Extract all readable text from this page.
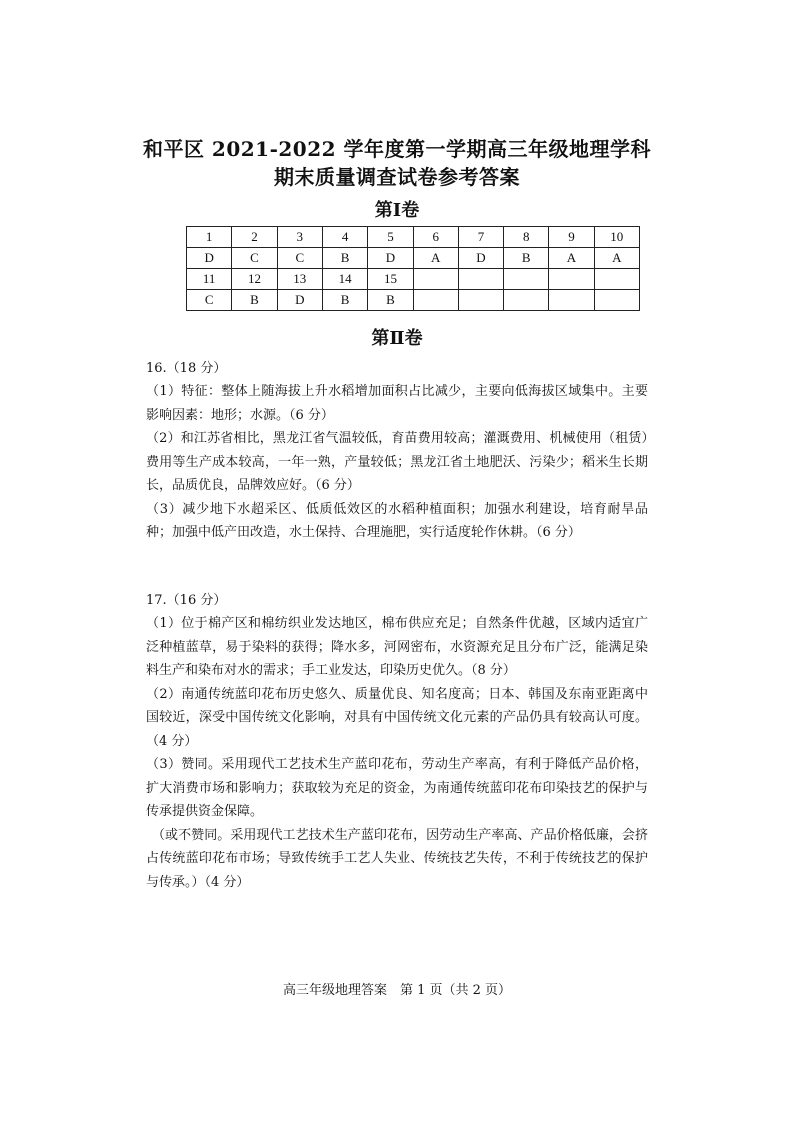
和平区 2021-2022 学年度第一学期高三年级地理学科
期末质量调查试卷参考答案
第Ⅰ卷
1	2	3	4	5	6	7	8	9	10
D	C	C	B	D	A	D	B	A	A
11	12	13	14	15					
C	B	D	B	B					
第Ⅱ卷
16.（18 分）

（1）特征：整体上随海拔上升水稻增加面积占比减少，主要向低海拔区域集中。主要影响因素：地形；水源。（6 分）

（2）和江苏省相比，黑龙江省气温较低，育苗费用较高；灌溉费用、机械使用（租赁）费用等生产成本较高，一年一熟，产量较低；黑龙江省土地肥沃、污染少；稻米生长期长，品质优良，品牌效应好。（6 分）

（3）减少地下水超采区、低质低效区的水稻种植面积；加强水利建设，培育耐旱品种；加强中低产田改造，水土保持、合理施肥，实行适度轮作休耕。（6 分）

17.（16 分）

（1）位于棉产区和棉纺织业发达地区，棉布供应充足；自然条件优越，区域内适宜广泛种植蓝草，易于染料的获得；降水多，河网密布，水资源充足且分布广泛，能满足染料生产和染布对水的需求；手工业发达，印染历史优久。（8 分）

（2）南通传统蓝印花布历史悠久、质量优良、知名度高；日本、韩国及东南亚距离中国较近，深受中国传统文化影响，对具有中国传统文化元素的产品仍具有较高认可度。（4 分）

（3）赞同。采用现代工艺技术生产蓝印花布，劳动生产率高，有利于降低产品价格，扩大消费市场和影响力；获取较为充足的资金，为南通传统蓝印花布印染技艺的保护与传承提供资金保障。

（或不赞同。采用现代工艺技术生产蓝印花布，因劳动生产率高、产品价格低廉，会挤占传统蓝印花布市场；导致传统手工艺人失业、传统技艺失传，不利于传统技艺的保护与传承。）（4 分）

高三年级地理答案　第 1 页（共 2 页）
